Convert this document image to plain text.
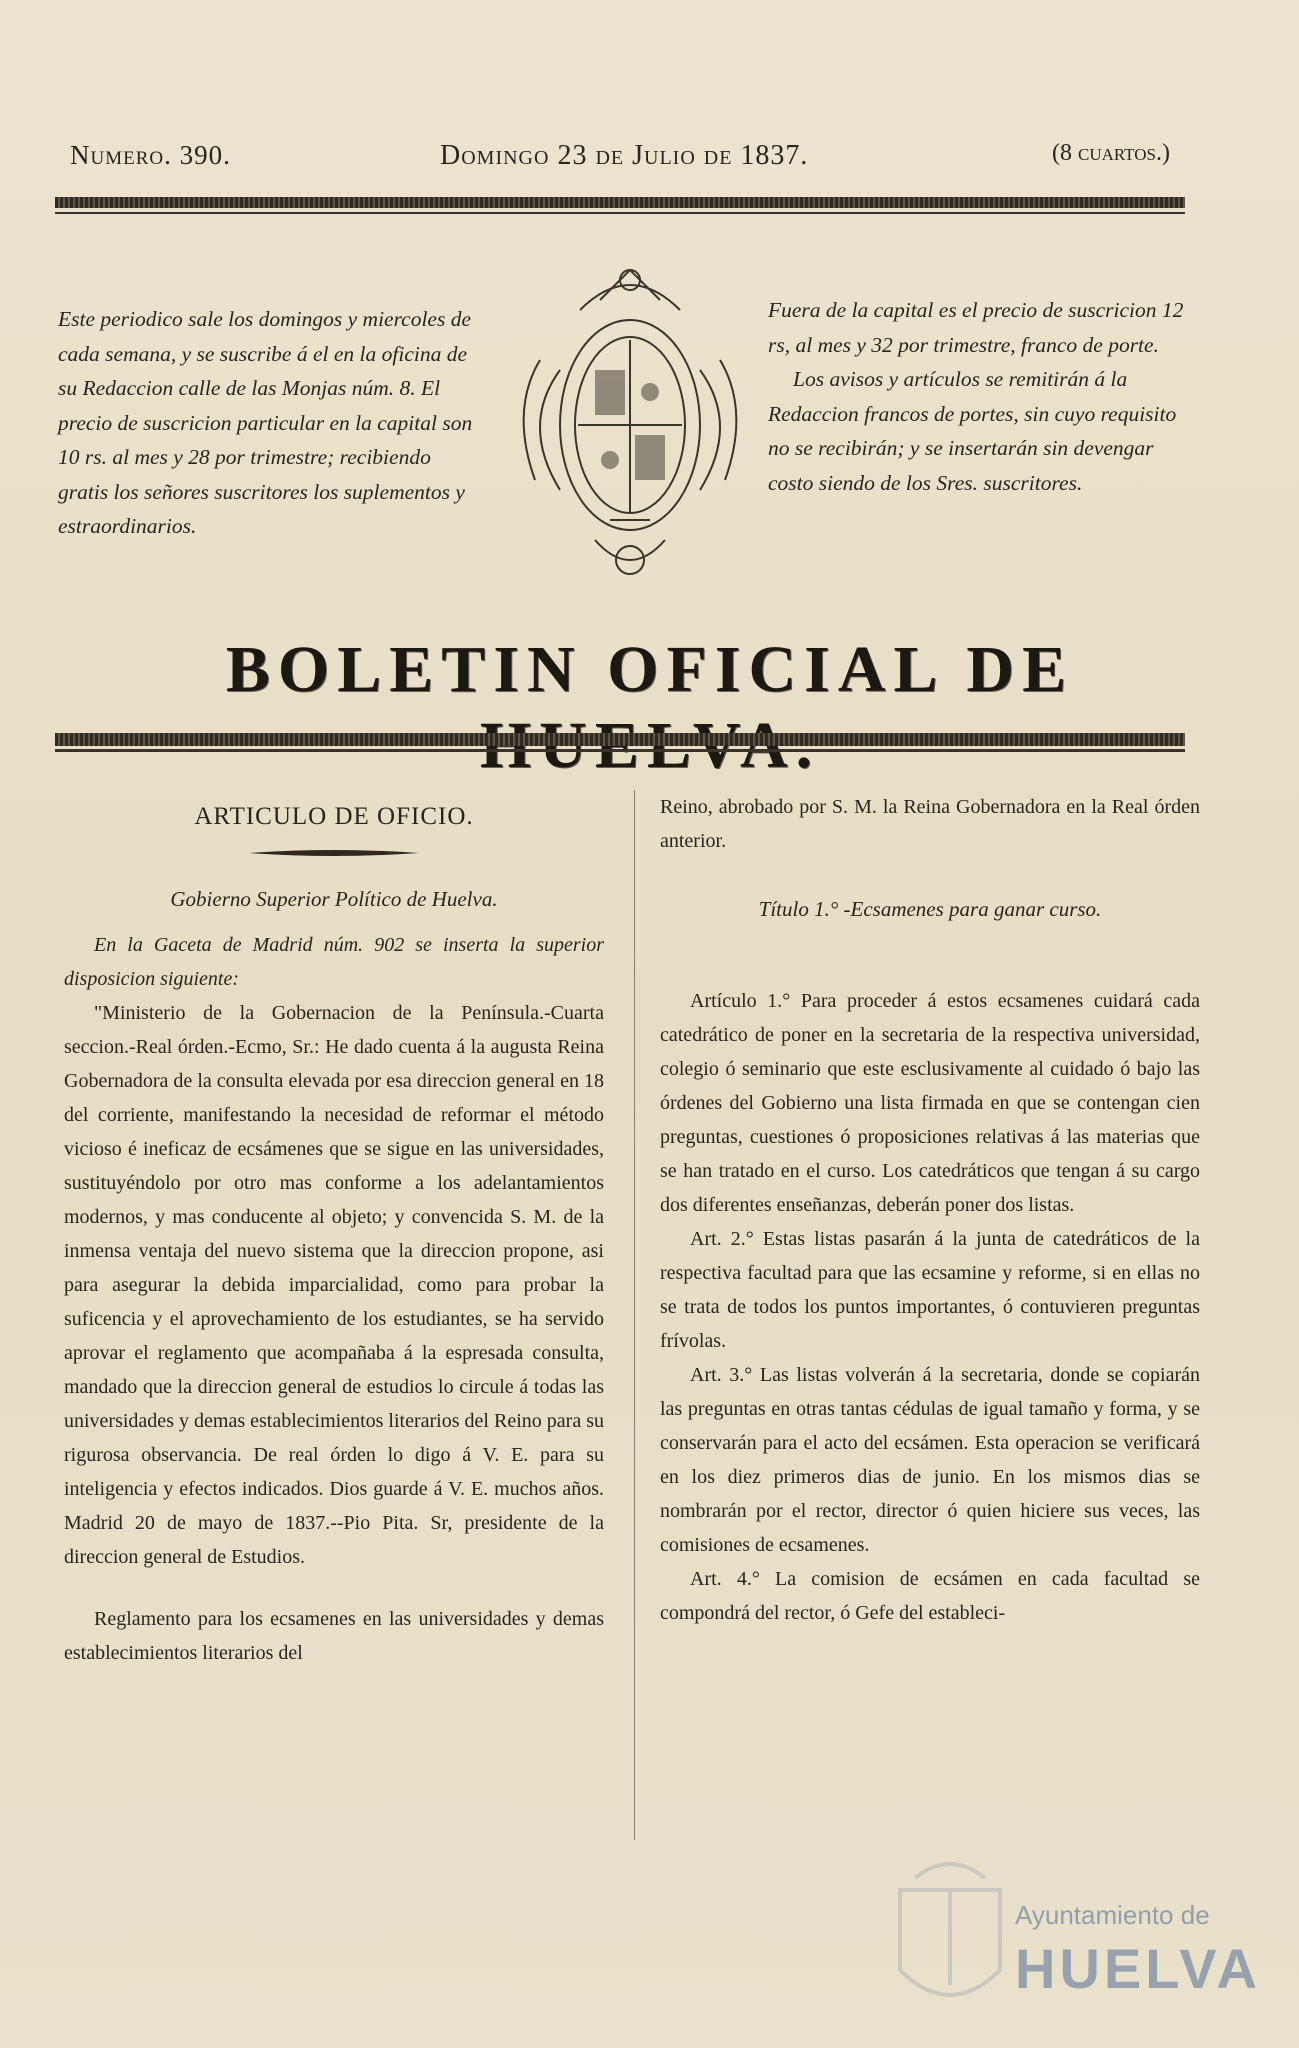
Numero. 390.	Domingo 23 de Julio de 1837.	(8 cuartos.)

Este periodico sale los domingos y miercoles de cada semana, y se suscribe á el en la oficina de su Redaccion calle de las Monjas núm. 8. El precio de suscricion particular en la capital son 10 rs. al mes y 28 por trimestre; recibiendo gratis los señores suscritores los suplementos y estraordinarios.

Fuera de la capital es el precio de suscricion 12 rs, al mes y 32 por trimestre, franco de porte.

Los avisos y artículos se remitirán á la Redaccion francos de portes, sin cuyo requisito no se recibirán; y se insertarán sin devengar costo siendo de los Sres. suscritores.

BOLETIN OFICIAL DE
ARTICULO DE OFICIO.
Gobierno Superior Político de Huelva.

En la Gaceta de Madrid núm. 902 se inserta la superior disposicion siguiente:

"Ministerio de la Gobernacion de la Península.-Cuarta seccion.-Real órden.-Ecmo, Sr.: He dado cuenta á la augusta Reina Gobernadora de la consulta elevada por esa direccion general en 18 del corriente, manifestando la necesidad de reformar el método vicioso é ineficaz de ecsámenes que se sigue en las universidades, sustituyéndolo por otro mas conforme a los adelantamientos modernos, y mas conducente al objeto; y convencida S. M. de la inmensa ventaja del nuevo sistema que la direccion propone, asi para asegurar la debida imparcialidad, como para probar la suficencia y el aprovechamiento de los estudiantes, se ha servido aprovar el reglamento que acompañaba á la espresada consulta, mandado que la direccion general de estudios lo circule á todas las universidades y demas establecimientos literarios del Reino para su rigurosa observancia. De real órden lo digo á V. E. para su inteligencia y efectos indicados. Dios guarde á V. E. muchos años. Madrid 20 de mayo de 1837.--Pio Pita. Sr, presidente de la direccion general de Estudios.

Reglamento para los ecsamenes en las universidades y demas establecimientos literarios del

Reino, abrobado por S. M. la Reina Gobernadora en la Real órden anterior.

Título 1.° -Ecsamenes para ganar curso.

Artículo 1.° Para proceder á estos ecsamenes cuidará cada catedrático de poner en la secretaria de la respectiva universidad, colegio ó seminario que este esclusivamente al cuidado ó bajo las órdenes del Gobierno una lista firmada en que se contengan cien preguntas, cuestiones ó proposiciones relativas á las materias que se han tratado en el curso. Los catedráticos que tengan á su cargo dos diferentes enseñanzas, deberán poner dos listas.

Art. 2.° Estas listas pasarán á la junta de catedráticos de la respectiva facultad para que las ecsamine y reforme, si en ellas no se trata de todos los puntos importantes, ó contuvieren preguntas frívolas.

Art. 3.° Las listas volverán á la secretaria, donde se copiarán las preguntas en otras tantas cédulas de igual tamaño y forma, y se conservarán para el acto del ecsámen. Esta operacion se verificará en los diez primeros dias de junio. En los mismos dias se nombrarán por el rector, director ó quien hiciere sus veces, las comisiones de ecsamenes.

Art. 4.° La comision de ecsámen en cada facultad se compondrá del rector, ó Gefe del estableci-

Ayuntamiento de
HUELVA
